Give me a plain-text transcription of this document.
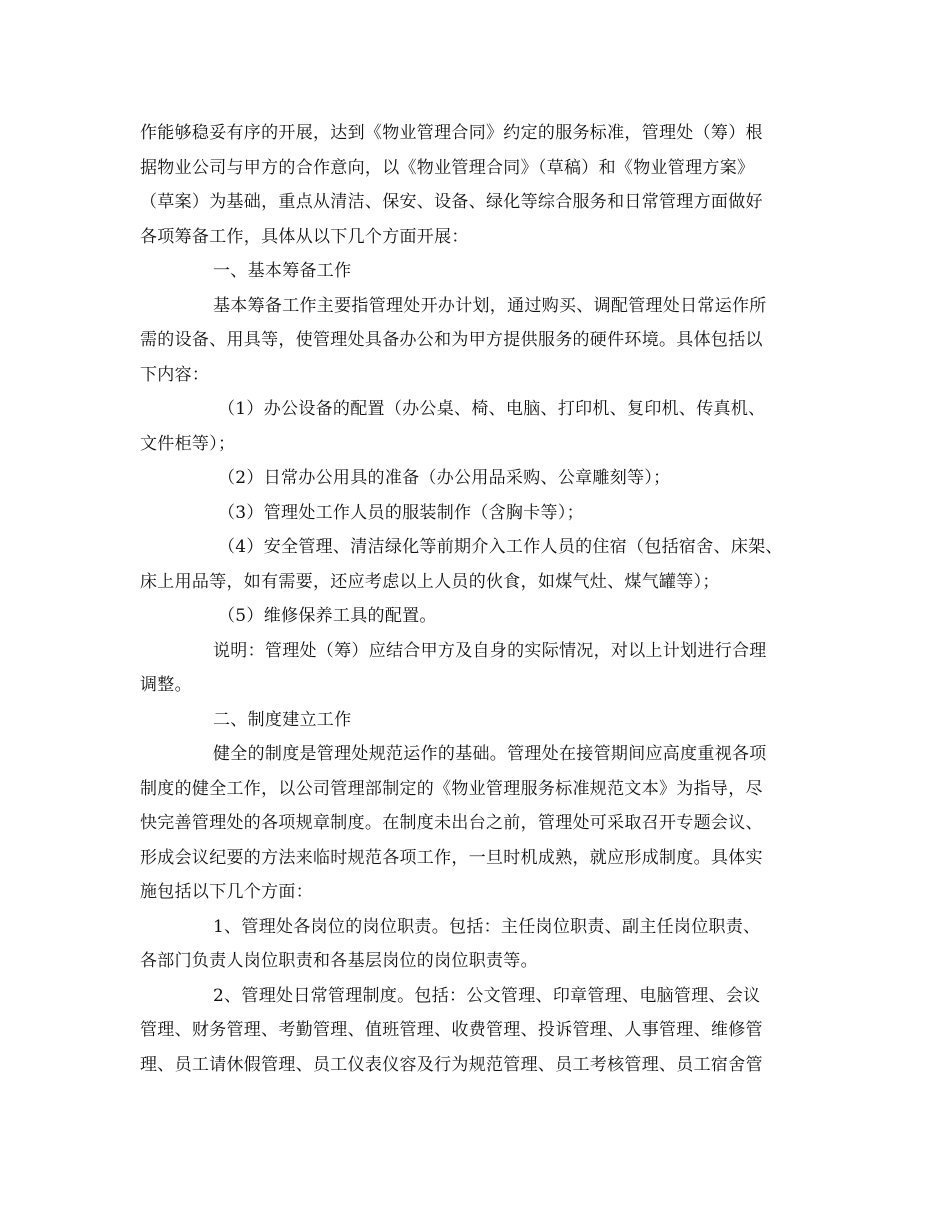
作能够稳妥有序的开展，达到《物业管理合同》约定的服务标准，管理处（筹）根
据物业公司与甲方的合作意向，以《物业管理合同》（草稿）和《物业管理方案》
（草案）为基础，重点从清洁、保安、设备、绿化等综合服务和日常管理方面做好
各项筹备工作，具体从以下几个方面开展：
一、基本筹备工作
基本筹备工作主要指管理处开办计划，通过购买、调配管理处日常运作所
需的设备、用具等，使管理处具备办公和为甲方提供服务的硬件环境。具体包括以
下内容：
（1）办公设备的配置（办公桌、椅、电脑、打印机、复印机、传真机、
文件柜等）；
（2）日常办公用具的准备（办公用品采购、公章雕刻等）；
（3）管理处工作人员的服装制作（含胸卡等）；
（4）安全管理、清洁绿化等前期介入工作人员的住宿（包括宿舍、床架、
床上用品等，如有需要，还应考虑以上人员的伙食，如煤气灶、煤气罐等）；
（5）维修保养工具的配置。
说明：管理处（筹）应结合甲方及自身的实际情况，对以上计划进行合理
调整。
二、制度建立工作
健全的制度是管理处规范运作的基础。管理处在接管期间应高度重视各项
制度的健全工作，以公司管理部制定的《物业管理服务标准规范文本》为指导，尽
快完善管理处的各项规章制度。在制度未出台之前，管理处可采取召开专题会议、
形成会议纪要的方法来临时规范各项工作，一旦时机成熟，就应形成制度。具体实
施包括以下几个方面：
1、管理处各岗位的岗位职责。包括：主任岗位职责、副主任岗位职责、
各部门负责人岗位职责和各基层岗位的岗位职责等。
2、管理处日常管理制度。包括：公文管理、印章管理、电脑管理、会议
管理、财务管理、考勤管理、值班管理、收费管理、投诉管理、人事管理、维修管
理、员工请休假管理、员工仪表仪容及行为规范管理、员工考核管理、员工宿舍管
